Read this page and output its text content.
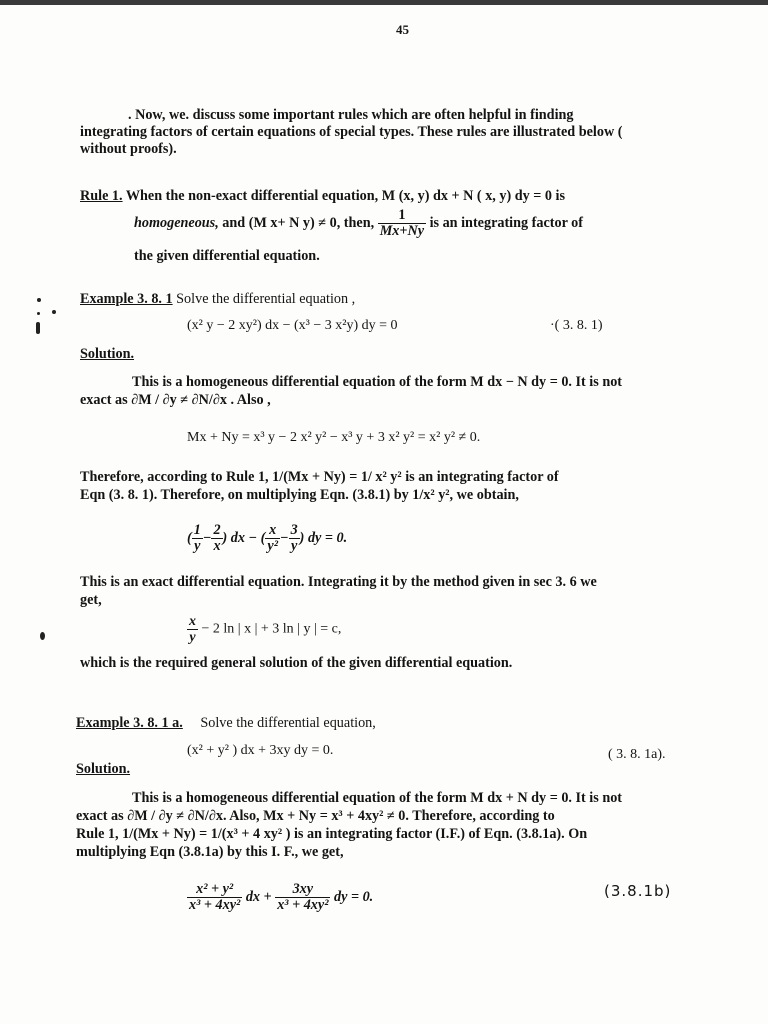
45
. Now, we. discuss some important rules which are often helpful in finding
integrating factors of certain equations of special types. These rules are illustrated below (
without proofs).
Rule 1. When the non-exact differential equation, M (x, y) dx + N ( x, y) dy = 0 is
homogeneous, and (M x+ N y) ≠ 0, then, $\frac{1}{Mx+Ny}$ is an integrating factor of
the given differential equation.
Example 3. 8. 1 Solve the differential equation ,
(x² y − 2 xy²) dx − (x³ − 3 x²y) dy = 0	·( 3. 8. 1)
Solution.
This is a homogeneous differential equation of the form M dx − N dy = 0. It is not
exact as ∂M / ∂y ≠ ∂N/∂x . Also ,
Mx + Ny = x³ y − 2 x² y² − x³ y + 3 x² y² = x² y² ≠ 0.
Therefore, according to Rule 1, 1/(Mx + Ny) = 1/ x² y² is an integrating factor of
Eqn (3. 8. 1). Therefore, on multiplying Eqn. (3.8.1) by 1/x² y², we obtain,
( $\frac{1}{y} - \frac{2}{x}$ ) dx − ( $\frac{x}{\text{y²}} - \frac{3}{y}$ ) dy = 0.
This is an exact differential equation. Integrating it by the method given in sec 3. 6 we
get,
$\frac{x}{y} - 2$ ln | x | + 3 ln | y | = c,
which is the required general solution of the given differential equation.
Example 3. 8. 1 a. Solve the differential equation,
(x² + y² ) dx + 3xy dy = 0.	( 3. 8. 1a).
Solution.
This is a homogeneous differential equation of the form M dx + N dy = 0. It is not
exact as ∂M / ∂y ≠ ∂N/∂x. Also, Mx + Ny = x³ + 4xy² ≠ 0. Therefore, according to
Rule 1, 1/(Mx + Ny) = 1/(x³ + 4 xy² ) is an integrating factor (I.F.) of Eqn. (3.8.1a). On
multiplying Eqn (3.8.1a) by this I. F., we get,
$\frac{\text{x² + y²}}{\text{x³ + 4xy²}}$ dx + $\frac{3xy}{\text{x³ + 4xy²}}$ dy = 0.	(3.8.1b)
